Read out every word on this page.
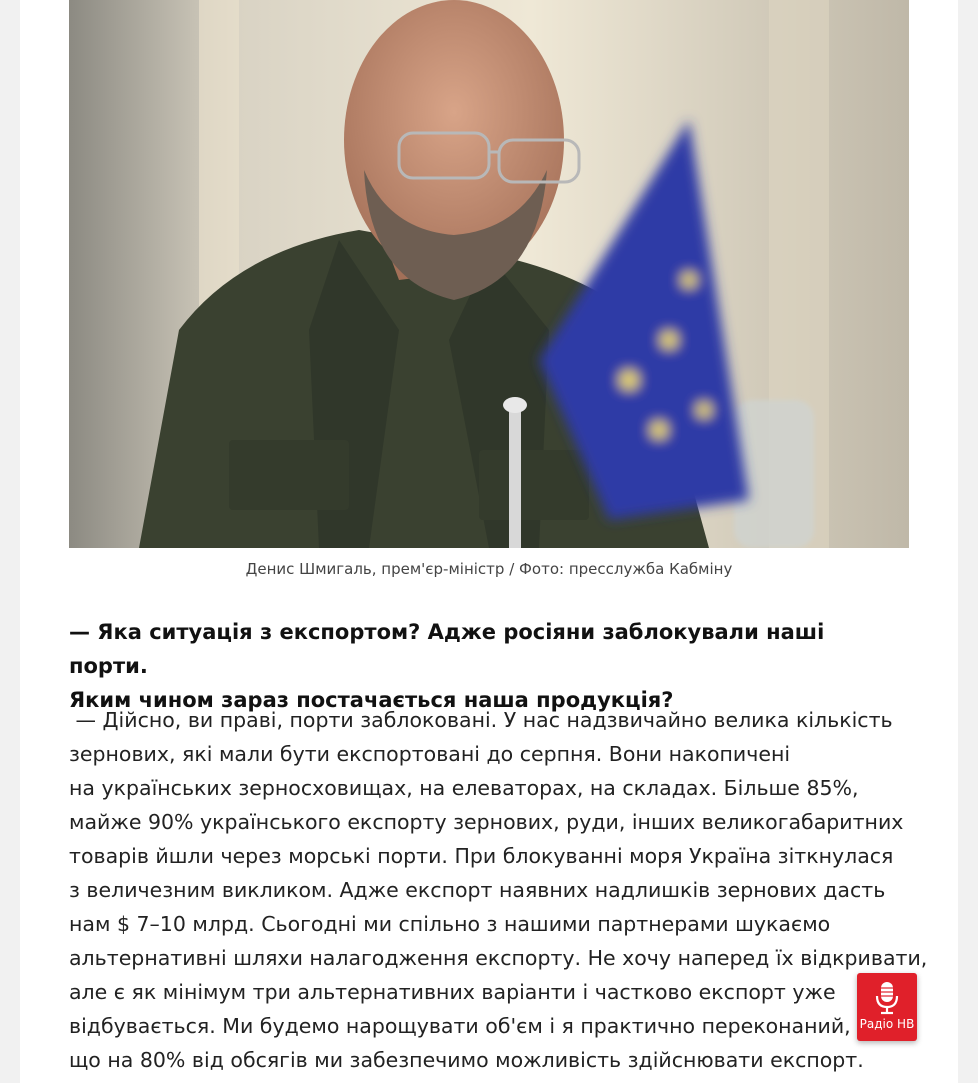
Денис Шмигаль, прем'єр-міністр / Фото: пресслужба Кабміну
— Яка ситуація з експортом? Адже росіяни заблокували наші порти.
Яким чином зараз постачається наша продукція?
— Дійсно, ви праві, порти заблоковані. У нас надзвичайно велика кількість
зернових, які мали бути експортовані до серпня. Вони накопичені
на українських зерносховищах, на елеваторах, на складах. Більше 85%,
майже 90% українського експорту зернових, руди, інших великогабаритних
товарів йшли через морські порти. При блокуванні моря Україна зіткнулася
з величезним викликом. Адже експорт наявних надлишків зернових дасть
нам $ 7–10 млрд. Сьогодні ми спільно з нашими партнерами шукаємо
альтернативні шляхи налагодження експорту. Не хочу наперед їх відкривати,
але є як мінімум три альтернативних варіанти і частково експорт уже
відбувається. Ми будемо нарощувати об'єм і я практично переконаний,
що на 80% від обсягів ми забезпечимо можливість здійснювати експорт.
Радіо НВ
